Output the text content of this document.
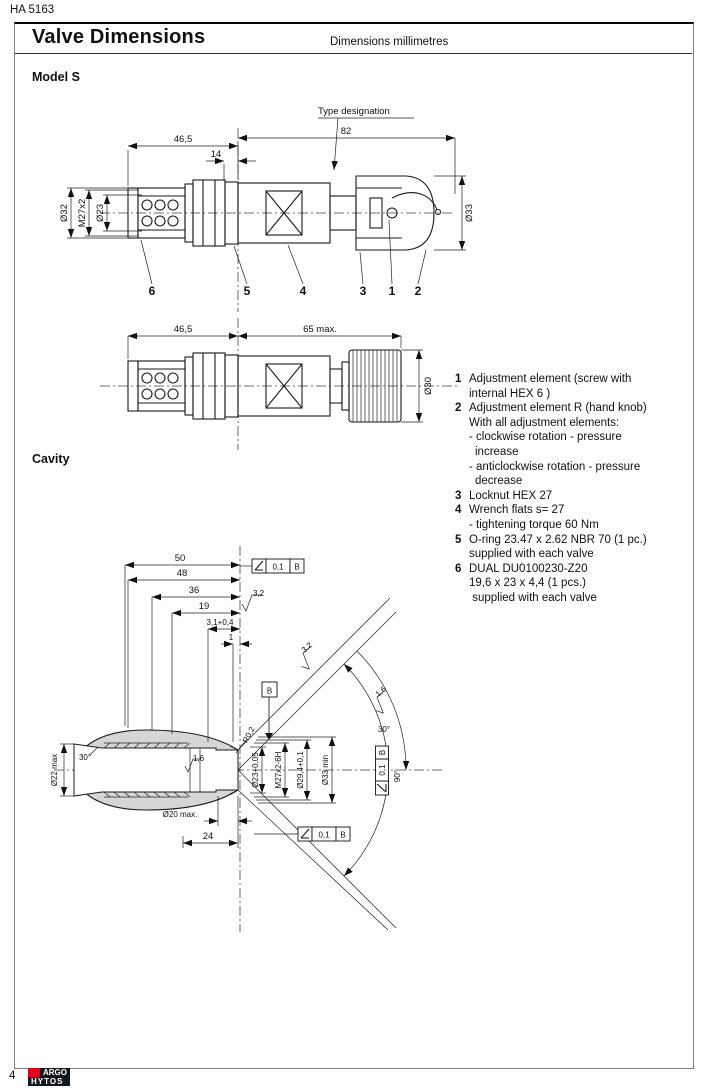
HA 5163
Valve Dimensions	Dimensions millimetres
Model S
Type designation
46,5
14
82
Ø32 M27x2 Ø23	Ø33
6	5	4	3 1 2
46,5	65 max.
Ø30 1 Adjustment element (screw with
internal HEX 6 )
2 Adjustment element R (hand knob)
With all adjustment elements:
- clockwise rotation - pressure
increase
- anticlockwise rotation - pressure
decrease
3 Locknut HEX 27
4 Wrench flats s= 27
- tightening torque 60 Nm
5 O-ring 23.47 x 2.62 NBR 70 (1 pc.)
supplied with each valve
6 DUAL DU0100230-Z20
19,6 x 23 x 4,4 (1 pcs.)
supplied with each valve
Cavity
B
0,1 B
0,1 B
0,1
B
3,2
3,2
1,6
1,6
50
48
36
19
3,1+0,4
1
Ø22 max 30°
R0,2
Ø23+0,05 M27x2-6H Ø29,4+0,1 Ø33 min
30°
90°
Ø20 max.
24
4	ARGO
HYTOS
